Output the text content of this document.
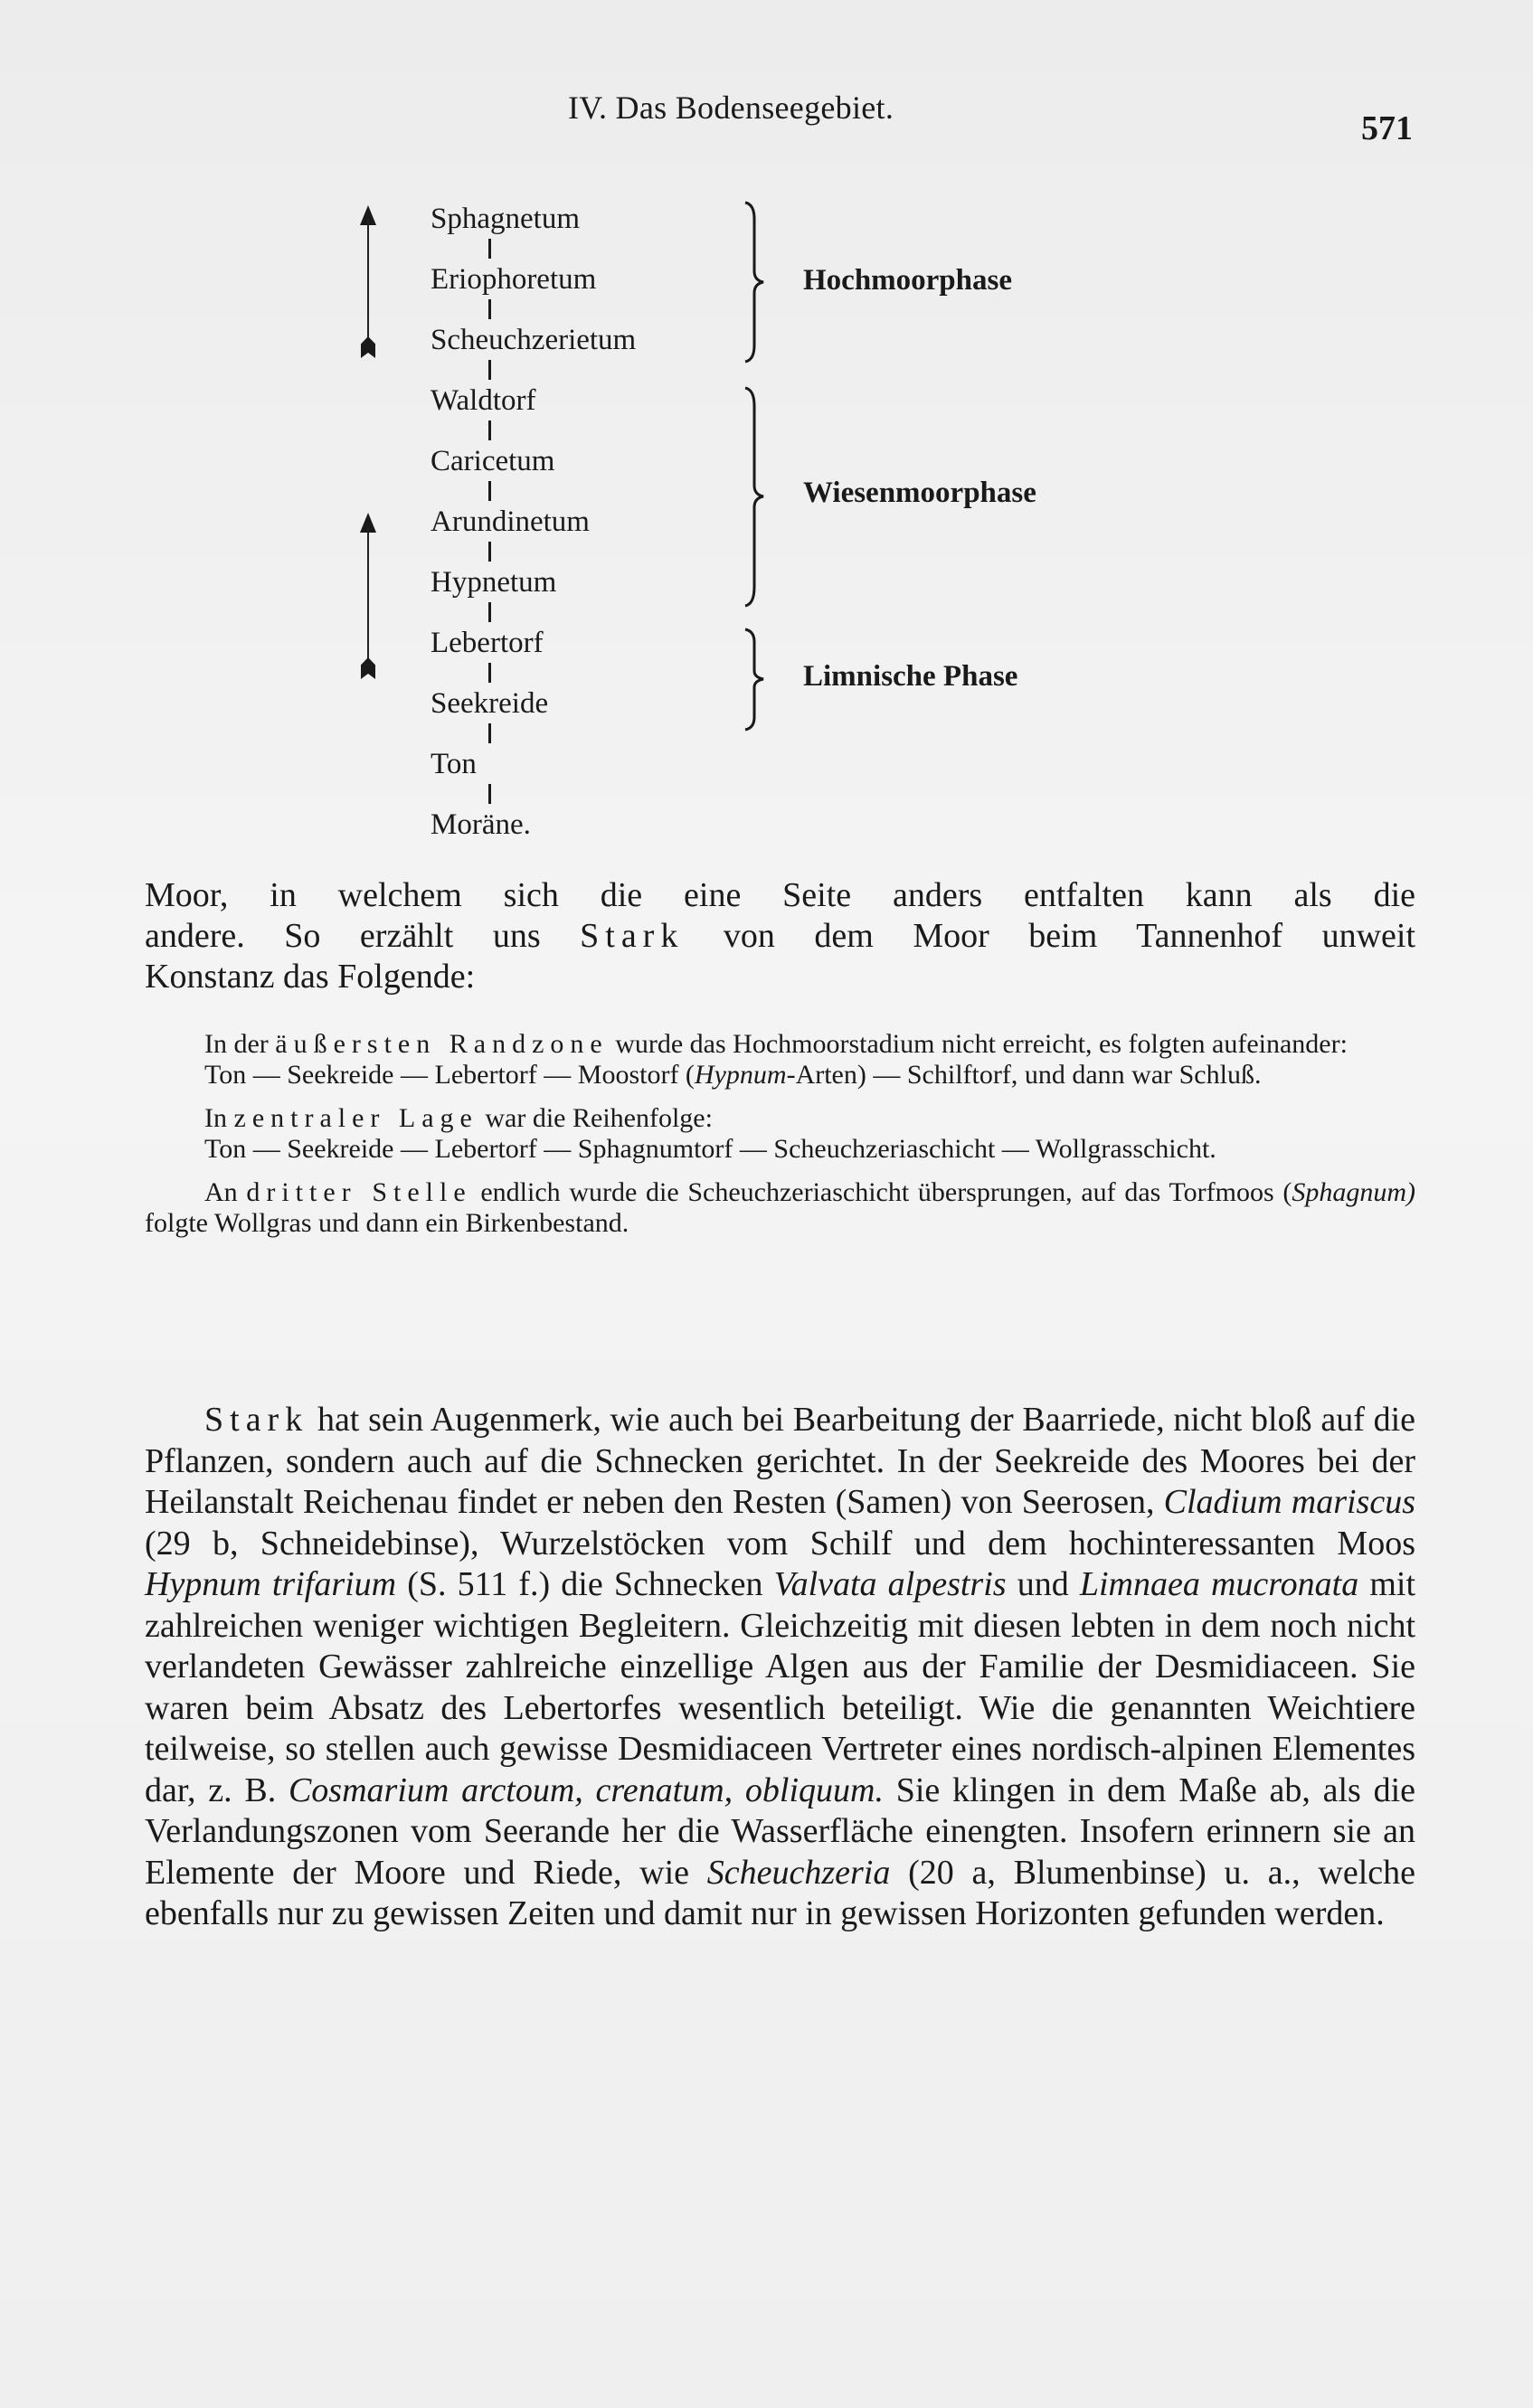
IV. Das Bodenseegebiet.
571
Sphagnetum
Eriophoretum
Scheuchzerietum
Waldtorf
Caricetum
Arundinetum
Hypnetum
Lebertorf
Seekreide
Ton
Moräne.
Hochmoorphase
Wiesenmoorphase
Limnische Phase

Moor, in welchem sich die eine Seite anders entfalten kann als die

andere. So erzählt uns Stark von dem Moor beim Tannenhof unweit

Konstanz das Folgende:

In der äußersten Randzone wurde das Hochmoorstadium nicht erreicht, es folgten aufeinander:

Ton — Seekreide — Lebertorf — Moostorf (Hypnum-Arten) — Schilftorf, und dann war Schluß.

In zentraler Lage war die Reihenfolge:

Ton — Seekreide — Lebertorf — Sphagnumtorf — Scheuchzeriaschicht — Wollgrasschicht.

An dritter Stelle endlich wurde die Scheuchzeriaschicht übersprungen, auf das Torfmoos (Sphagnum) folgte Wollgras und dann ein Birkenbestand.

Stark hat sein Augenmerk, wie auch bei Bearbeitung der Baarriede, nicht bloß auf die Pflanzen, sondern auch auf die Schnecken gerichtet. In der Seekreide des Moores bei der Heilanstalt Reichenau findet er neben den Resten (Samen) von Seerosen, Cladium mariscus (29 b, Schneidebinse), Wurzelstöcken vom Schilf und dem hochinteressanten Moos Hypnum trifarium (S. 511 f.) die Schnecken Valvata alpestris und Limnaea mucronata mit zahlreichen weniger wichtigen Begleitern. Gleichzeitig mit diesen lebten in dem noch nicht verlandeten Gewässer zahlreiche einzellige Algen aus der Familie der Desmidiaceen. Sie waren beim Absatz des Lebertorfes wesentlich beteiligt. Wie die genannten Weichtiere teilweise, so stellen auch gewisse Desmidiaceen Vertreter eines nordisch-alpinen Elementes dar, z. B. Cosmarium arctoum, crenatum, obliquum. Sie klingen in dem Maße ab, als die Verlandungszonen vom Seerande her die Wasserfläche einengten. Insofern erinnern sie an Elemente der Moore und Riede, wie Scheuchzeria (20 a, Blumenbinse) u. a., welche ebenfalls nur zu gewissen Zeiten und damit nur in gewissen Horizonten gefunden werden.
